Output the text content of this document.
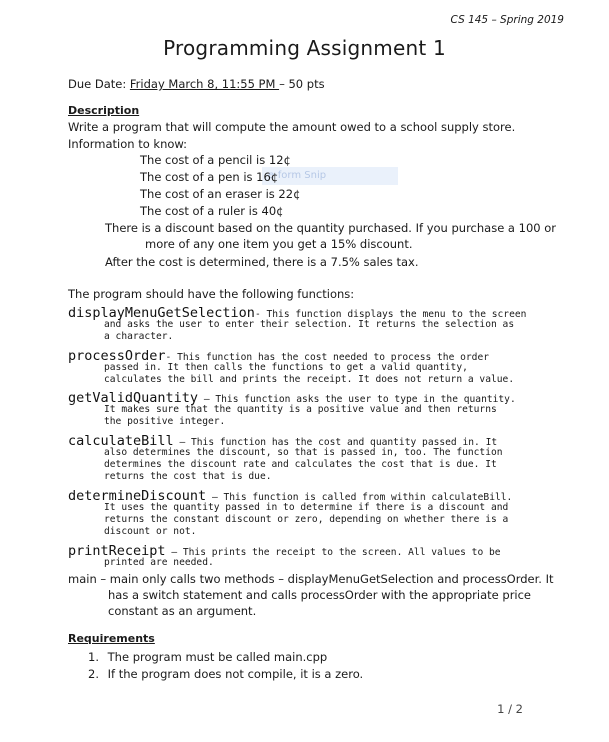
CS 145 – Spring 2019
Programming Assignment 1
Due Date: Friday March 8, 11:55 PM – 50 pts
Description
Write a program that will compute the amount owed to a school supply store.
Information to know:
e-form Snip
The cost of a pencil is 12¢
The cost of a pen is 16¢
The cost of an eraser is 22¢
The cost of a ruler is 40¢
There is a discount based on the quantity purchased. If you purchase a 100 or
more of any one item you get a 15% discount.
After the cost is determined, there is a 7.5% sales tax.
The program should have the following functions:
displayMenuGetSelection- This function displays the menu to the screen
and asks the user to enter their selection. It returns the selection as
a character.
processOrder- This function has the cost needed to process the order
passed in. It then calls the functions to get a valid quantity,
calculates the bill and prints the receipt. It does not return a value.
getValidQuantity – This function asks the user to type in the quantity.
It makes sure that the quantity is a positive value and then returns
the positive integer.
calculateBill – This function has the cost and quantity passed in. It
also determines the discount, so that is passed in, too. The function
determines the discount rate and calculates the cost that is due. It
returns the cost that is due.
determineDiscount – This function is called from within calculateBill.
It uses the quantity passed in to determine if there is a discount and
returns the constant discount or zero, depending on whether there is a
discount or not.
printReceipt – This prints the receipt to the screen. All values to be
printed are needed.
main – main only calls two methods – displayMenuGetSelection and processOrder. It
has a switch statement and calls processOrder with the appropriate price
constant as an argument.
Requirements
1. The program must be called main.cpp
2. If the program does not compile, it is a zero.
1 / 2
